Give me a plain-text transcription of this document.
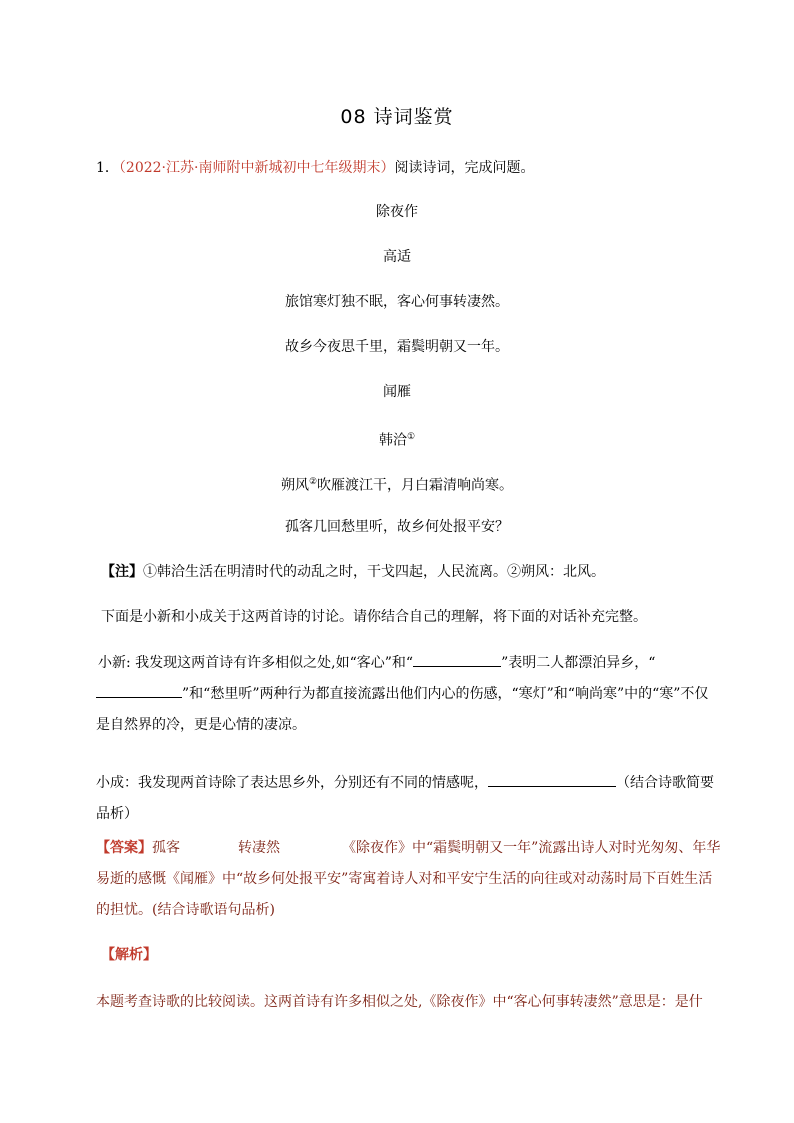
08 诗词鉴赏
1．（2022·江苏·南师附中新城初中七年级期末）阅读诗词，完成问题。
除夜作
高适
旅馆寒灯独不眠，客心何事转凄然。
故乡今夜思千里，霜鬓明朝又一年。
闻雁
韩洽①
朔风②吹雁渡江干，月白霜清响尚寒。
孤客几回愁里听，故乡何处报平安？
【注】①韩洽生活在明清时代的动乱之时，干戈四起，人民流离。②朔风：北风。
下面是小新和小成关于这两首诗的讨论。请你结合自己的理解，将下面的对话补充完整。
小新: 我发现这两首诗有许多相似之处,如“客心”和“	”表明二人都漂泊异乡，“”和“愁里听”两种行为都直接流露出他们内心的伤感，“寒灯”和“响尚寒”中的“寒”不仅是自然界的冷，更是心情的凄凉。
小成：我发现两首诗除了表达思乡外，分别还有不同的情感呢，	（结合诗歌简要品析）
【答案】孤客	转凄然	《除夜作》中“霜鬓明朝又一年”流露出诗人对时光匆匆、年华易逝的感慨《闻雁》中“故乡何处报平安”寄寓着诗人对和平安宁生活的向往或对动荡时局下百姓生活的担忧。(结合诗歌语句品析)
【解析】
本题考查诗歌的比较阅读。这两首诗有许多相似之处,《除夜作》中“客心何事转凄然”意思是：是什
